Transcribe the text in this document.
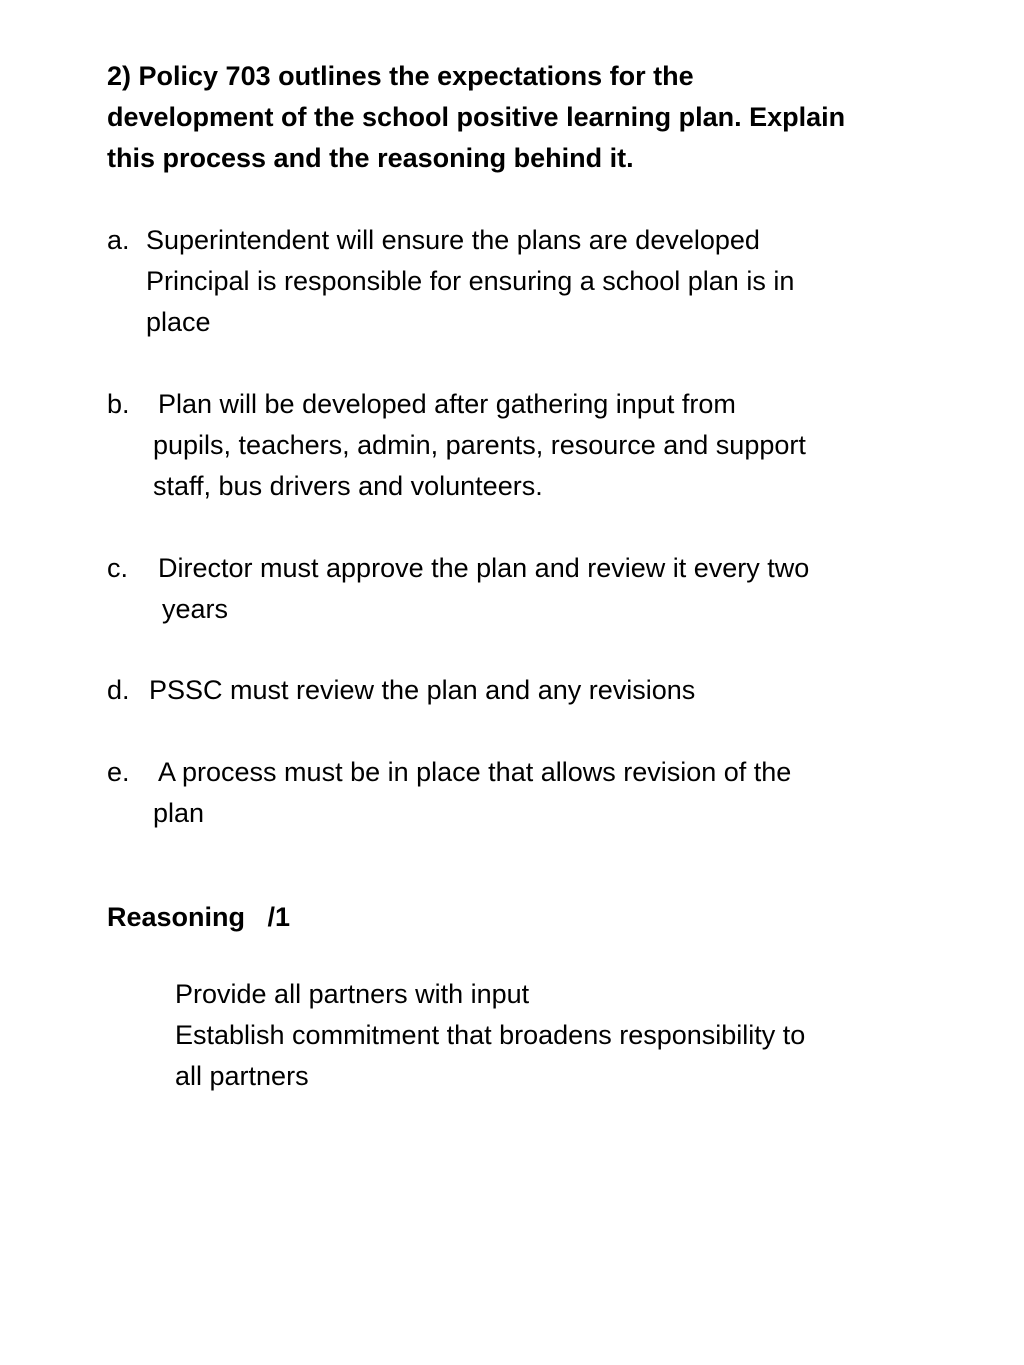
2) Policy 703 outlines the expectations for the
development of the school positive learning plan. Explain
this process and the reasoning behind it.
a. Superintendent will ensure the plans are developed
Principal is responsible for ensuring a school plan is in
place
b. Plan will be developed after gathering input from
pupils, teachers, admin, parents, resource and support
staff, bus drivers and volunteers.
c. Director must approve the plan and review it every two
years
d. PSSC must review the plan and any revisions
e. A process must be in place that allows revision of the
plan
Reasoning   /1
Provide all partners with input
Establish commitment that broadens responsibility to
all partners
